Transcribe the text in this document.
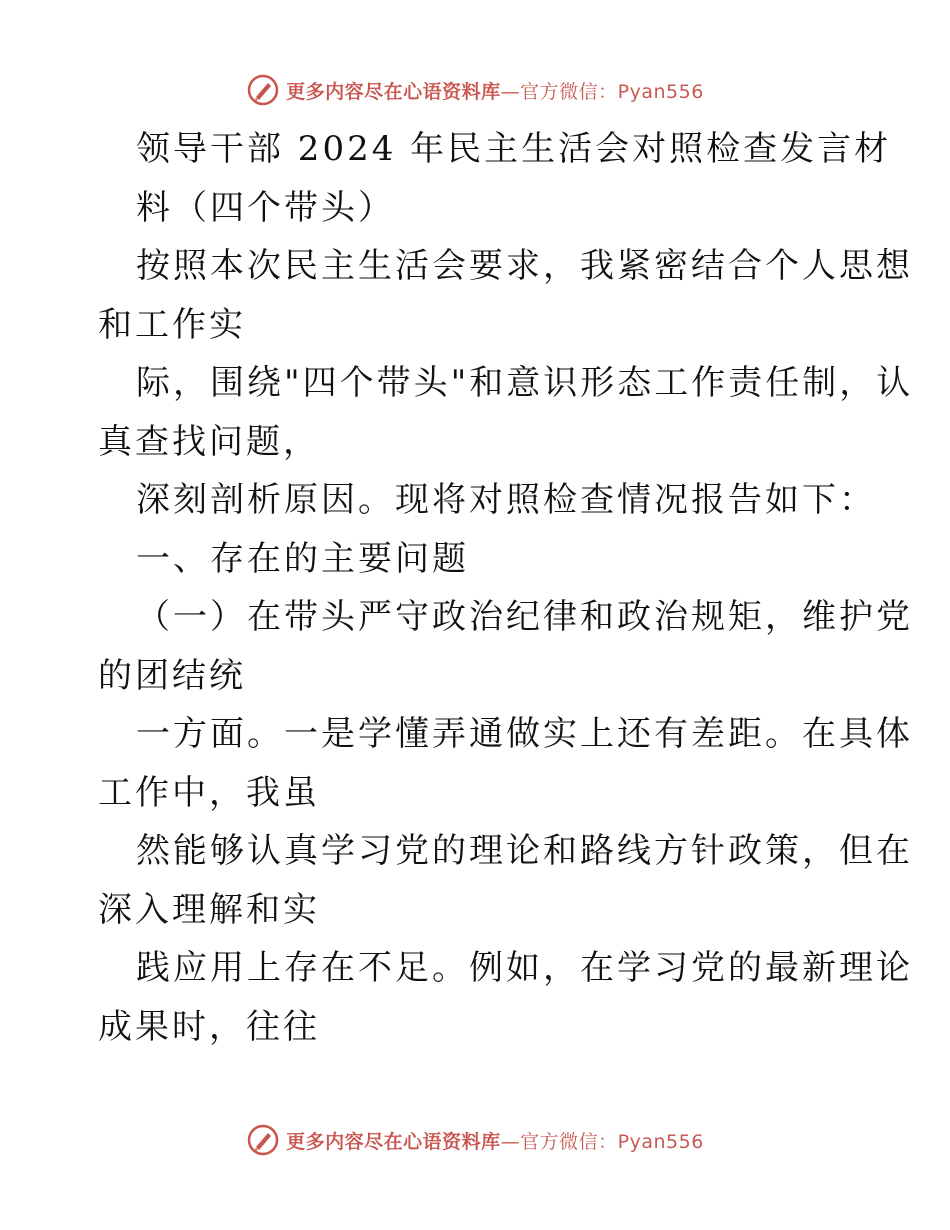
更多内容尽在心语资料库—官方微信：Pyan556
领导干部 2024 年民主生活会对照检查发言材
料（四个带头）
按照本次民主生活会要求，我紧密结合个人思想
和工作实
际，围绕"四个带头"和意识形态工作责任制，认
真查找问题，
深刻剖析原因。现将对照检查情况报告如下：
一、存在的主要问题
（一）在带头严守政治纪律和政治规矩，维护党
的团结统
一方面。一是学懂弄通做实上还有差距。在具体
工作中，我虽
然能够认真学习党的理论和路线方针政策，但在
深入理解和实
践应用上存在不足。例如，在学习党的最新理论
成果时，往往
更多内容尽在心语资料库—官方微信：Pyan556
